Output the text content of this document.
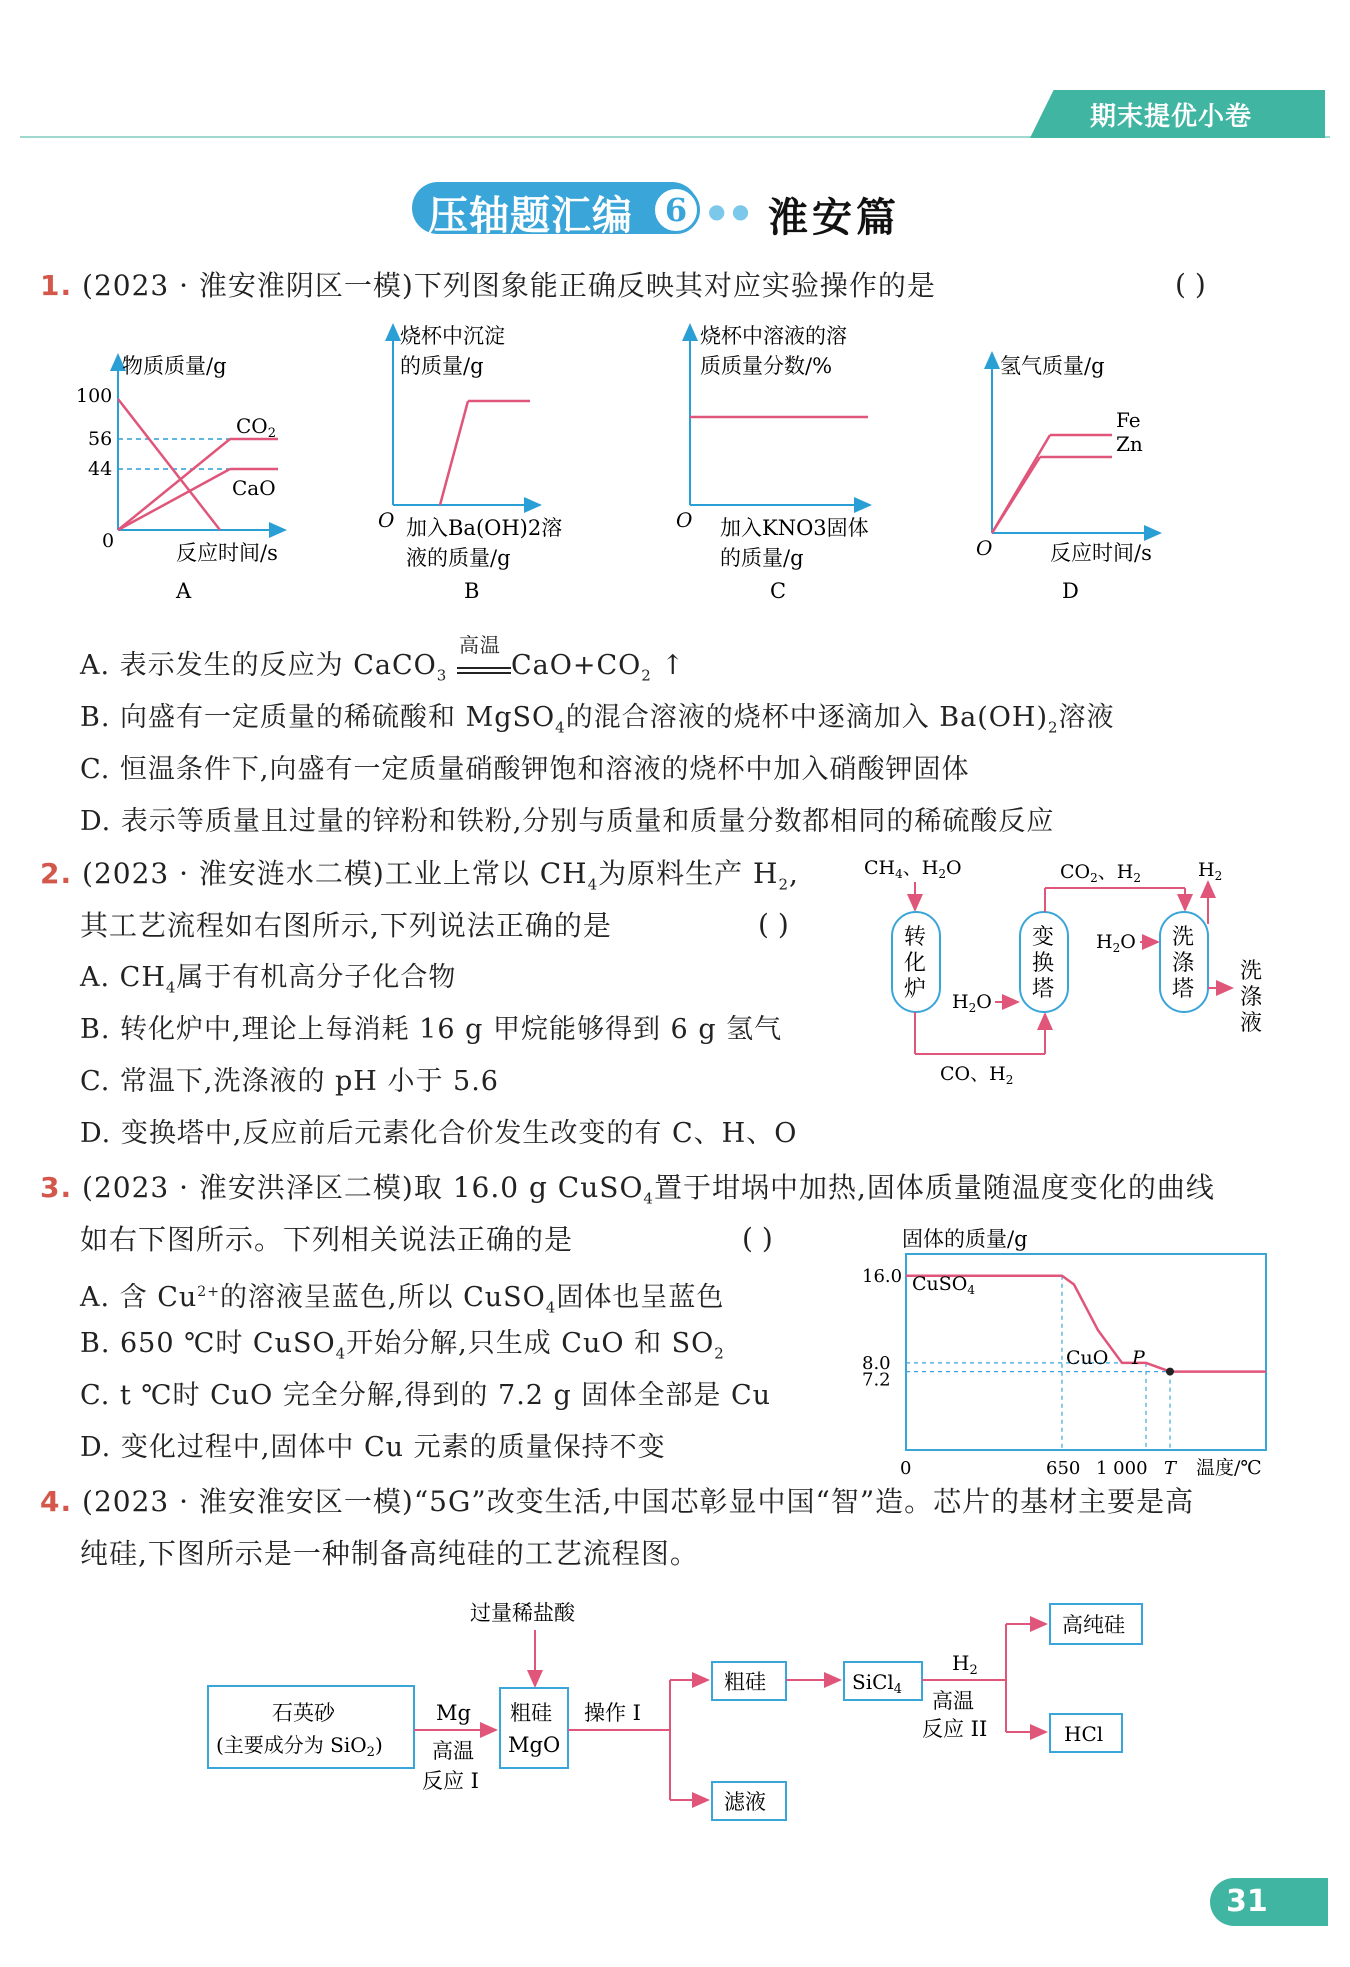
期末提优小卷
压轴题汇编 6	● ● 淮安篇
1. (2023 · 淮安淮阴区一模)下列图象能正确反映其对应实验操作的是	( )
物质质量/g
100
56
44
0
$CO_2$
CaO
反应时间/s
A
烧杯中沉淀
的质量/g
O 加入Ba(OH)2溶
液的质量/g
B
烧杯中溶液的溶
质质量分数/%
O 加入KNO3固体
的质量/g
C
氢气质量/g
Fe
Zn
O	反应时间/s
D
A. 表示发生的反应为 CaCO$_3$
高温
$CaO+CO_2$ ↑
B. 向盛有一定质量的稀硫酸和 MgSO$_4$的混合溶液的烧杯中逐滴加入 $Ba(OH)_2$溶液
C. 恒温条件下,向盛有一定质量硝酸钾饱和溶液的烧杯中加入硝酸钾固体
D. 表示等质量且过量的锌粉和铁粉,分别与质量和质量分数都相同的稀硫酸反应
2. (2023 · 淮安涟水二模)工业上常以 $CH_4$为原料生产 $H_2$,
其工艺流程如右图所示,下列说法正确的是	( )
A. $CH_4$属于有机高分子化合物
B. 转化炉中,理论上每消耗 16 g 甲烷能够得到 6 g 氢气
C. 常温下,洗涤液的 pH 小于 5.6
D. 变换塔中,反应前后元素化合价发生改变的有 C、H、O
$CH_4$、$H_2O$
转
化
炉
CO、$H_2$
$H_2O$
变
换
塔
$CO_2$、$H_2$
$H_2O$ 洗
涤
塔
$H_2$
洗
涤
液
3. (2023 · 淮安洪泽区二模)取 16.0 g CuSO$_4$置于坩埚中加热,固体质量随温度变化的曲线
如右下图所示。下列相关说法正确的是	( )
A. 含 $Cu^{2+}$的溶液呈蓝色,所以 CuSO$_4$固体也呈蓝色
B. 650 ℃时 CuSO$_4$开始分解,只生成 CuO 和 $SO_2$
C. t ℃时 CuO 完全分解,得到的 7.2 g 固体全部是 Cu
D. 变化过程中,固体中 Cu 元素的质量保持不变
固体的质量/g
16.0
8.0
7.2
0	650 1 000 T
CuSO$_4$
CuO P
温度/℃
4. (2023 · 淮安淮安区一模)“5G”改变生活,中国芯彰显中国“智”造。芯片的基材主要是高
纯硅,下图所示是一种制备高纯硅的工艺流程图。
过量稀盐酸
石英砂
(主要成分为 SiO$_2$)
Mg
高温
反应 I
粗硅
MgO
操作 I
粗硅
滤液
SiCl$_4$
$H_2$
高温
反应 II
高纯硅
HCl
31
